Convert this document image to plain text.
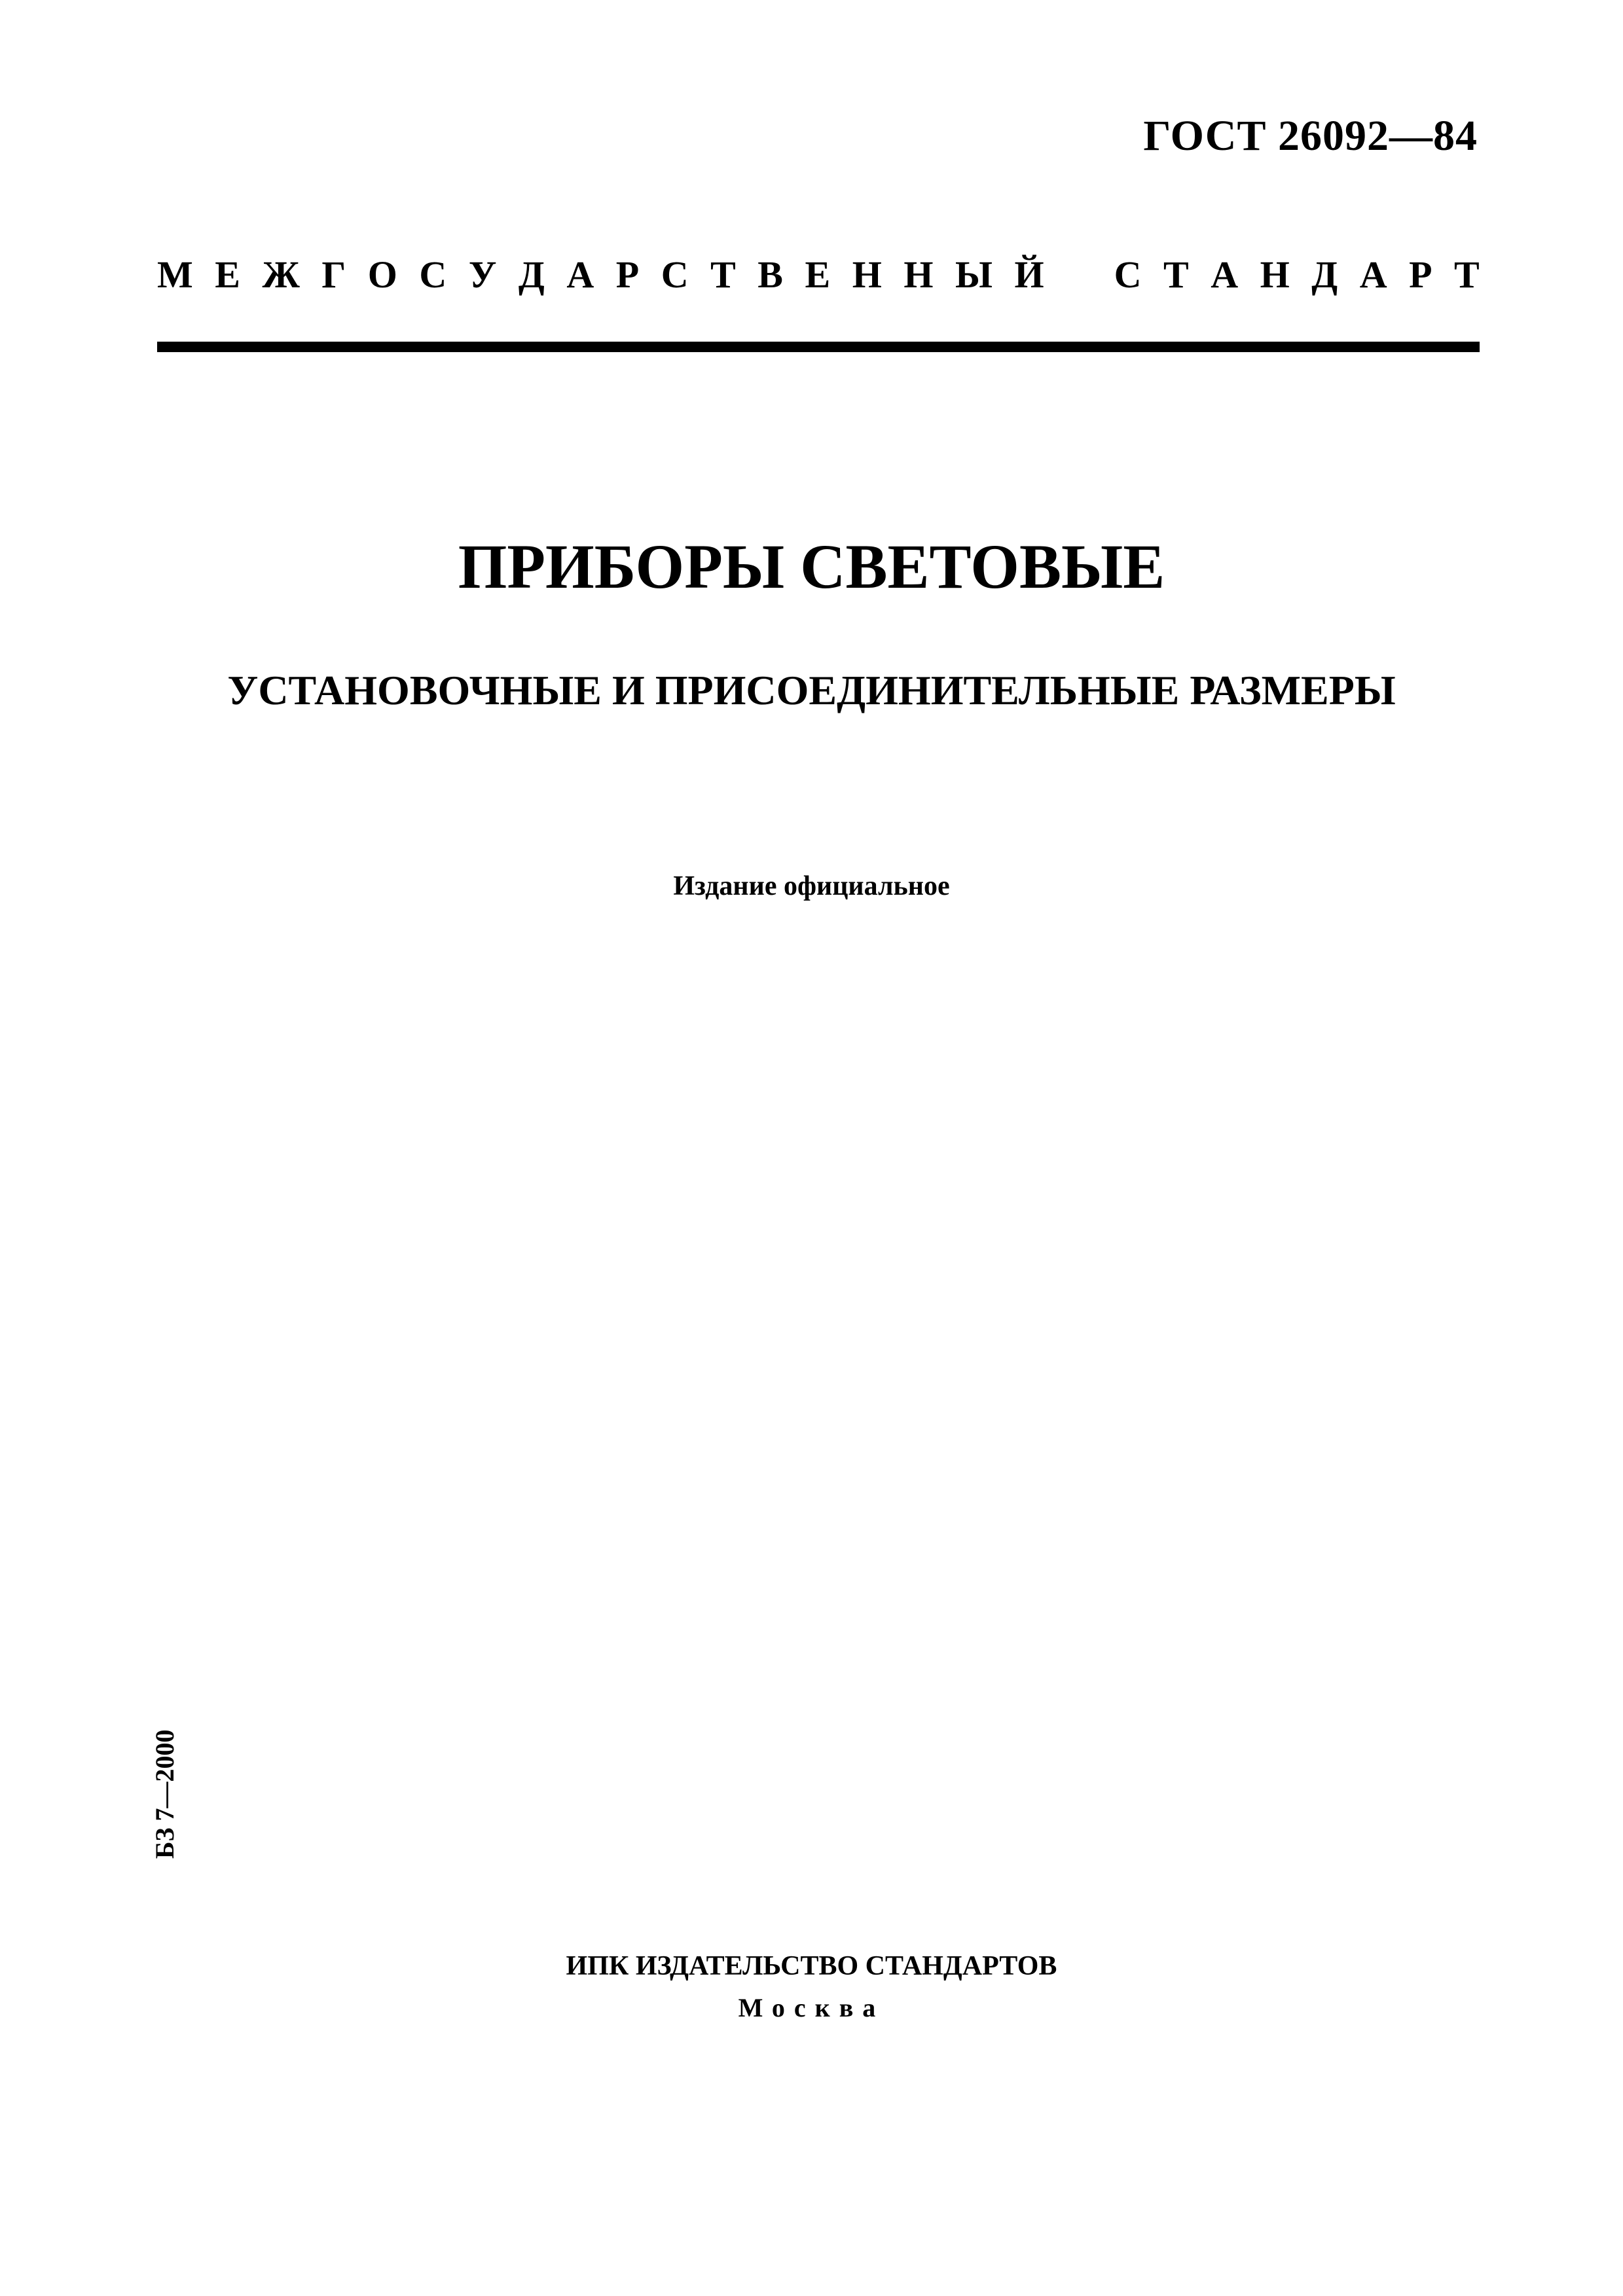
ГОСТ 26092—84
М Е Ж Г О С У Д А Р С Т В Е Н Н Ы Й С Т А Н Д А Р Т
ПРИБОРЫ СВЕТОВЫЕ
УСТАНОВОЧНЫЕ И ПРИСОЕДИНИТЕЛЬНЫЕ РАЗМЕРЫ
Издание официальное
БЗ 7—2000
ИПК ИЗДАТЕЛЬСТВО СТАНДАРТОВ
Москва
